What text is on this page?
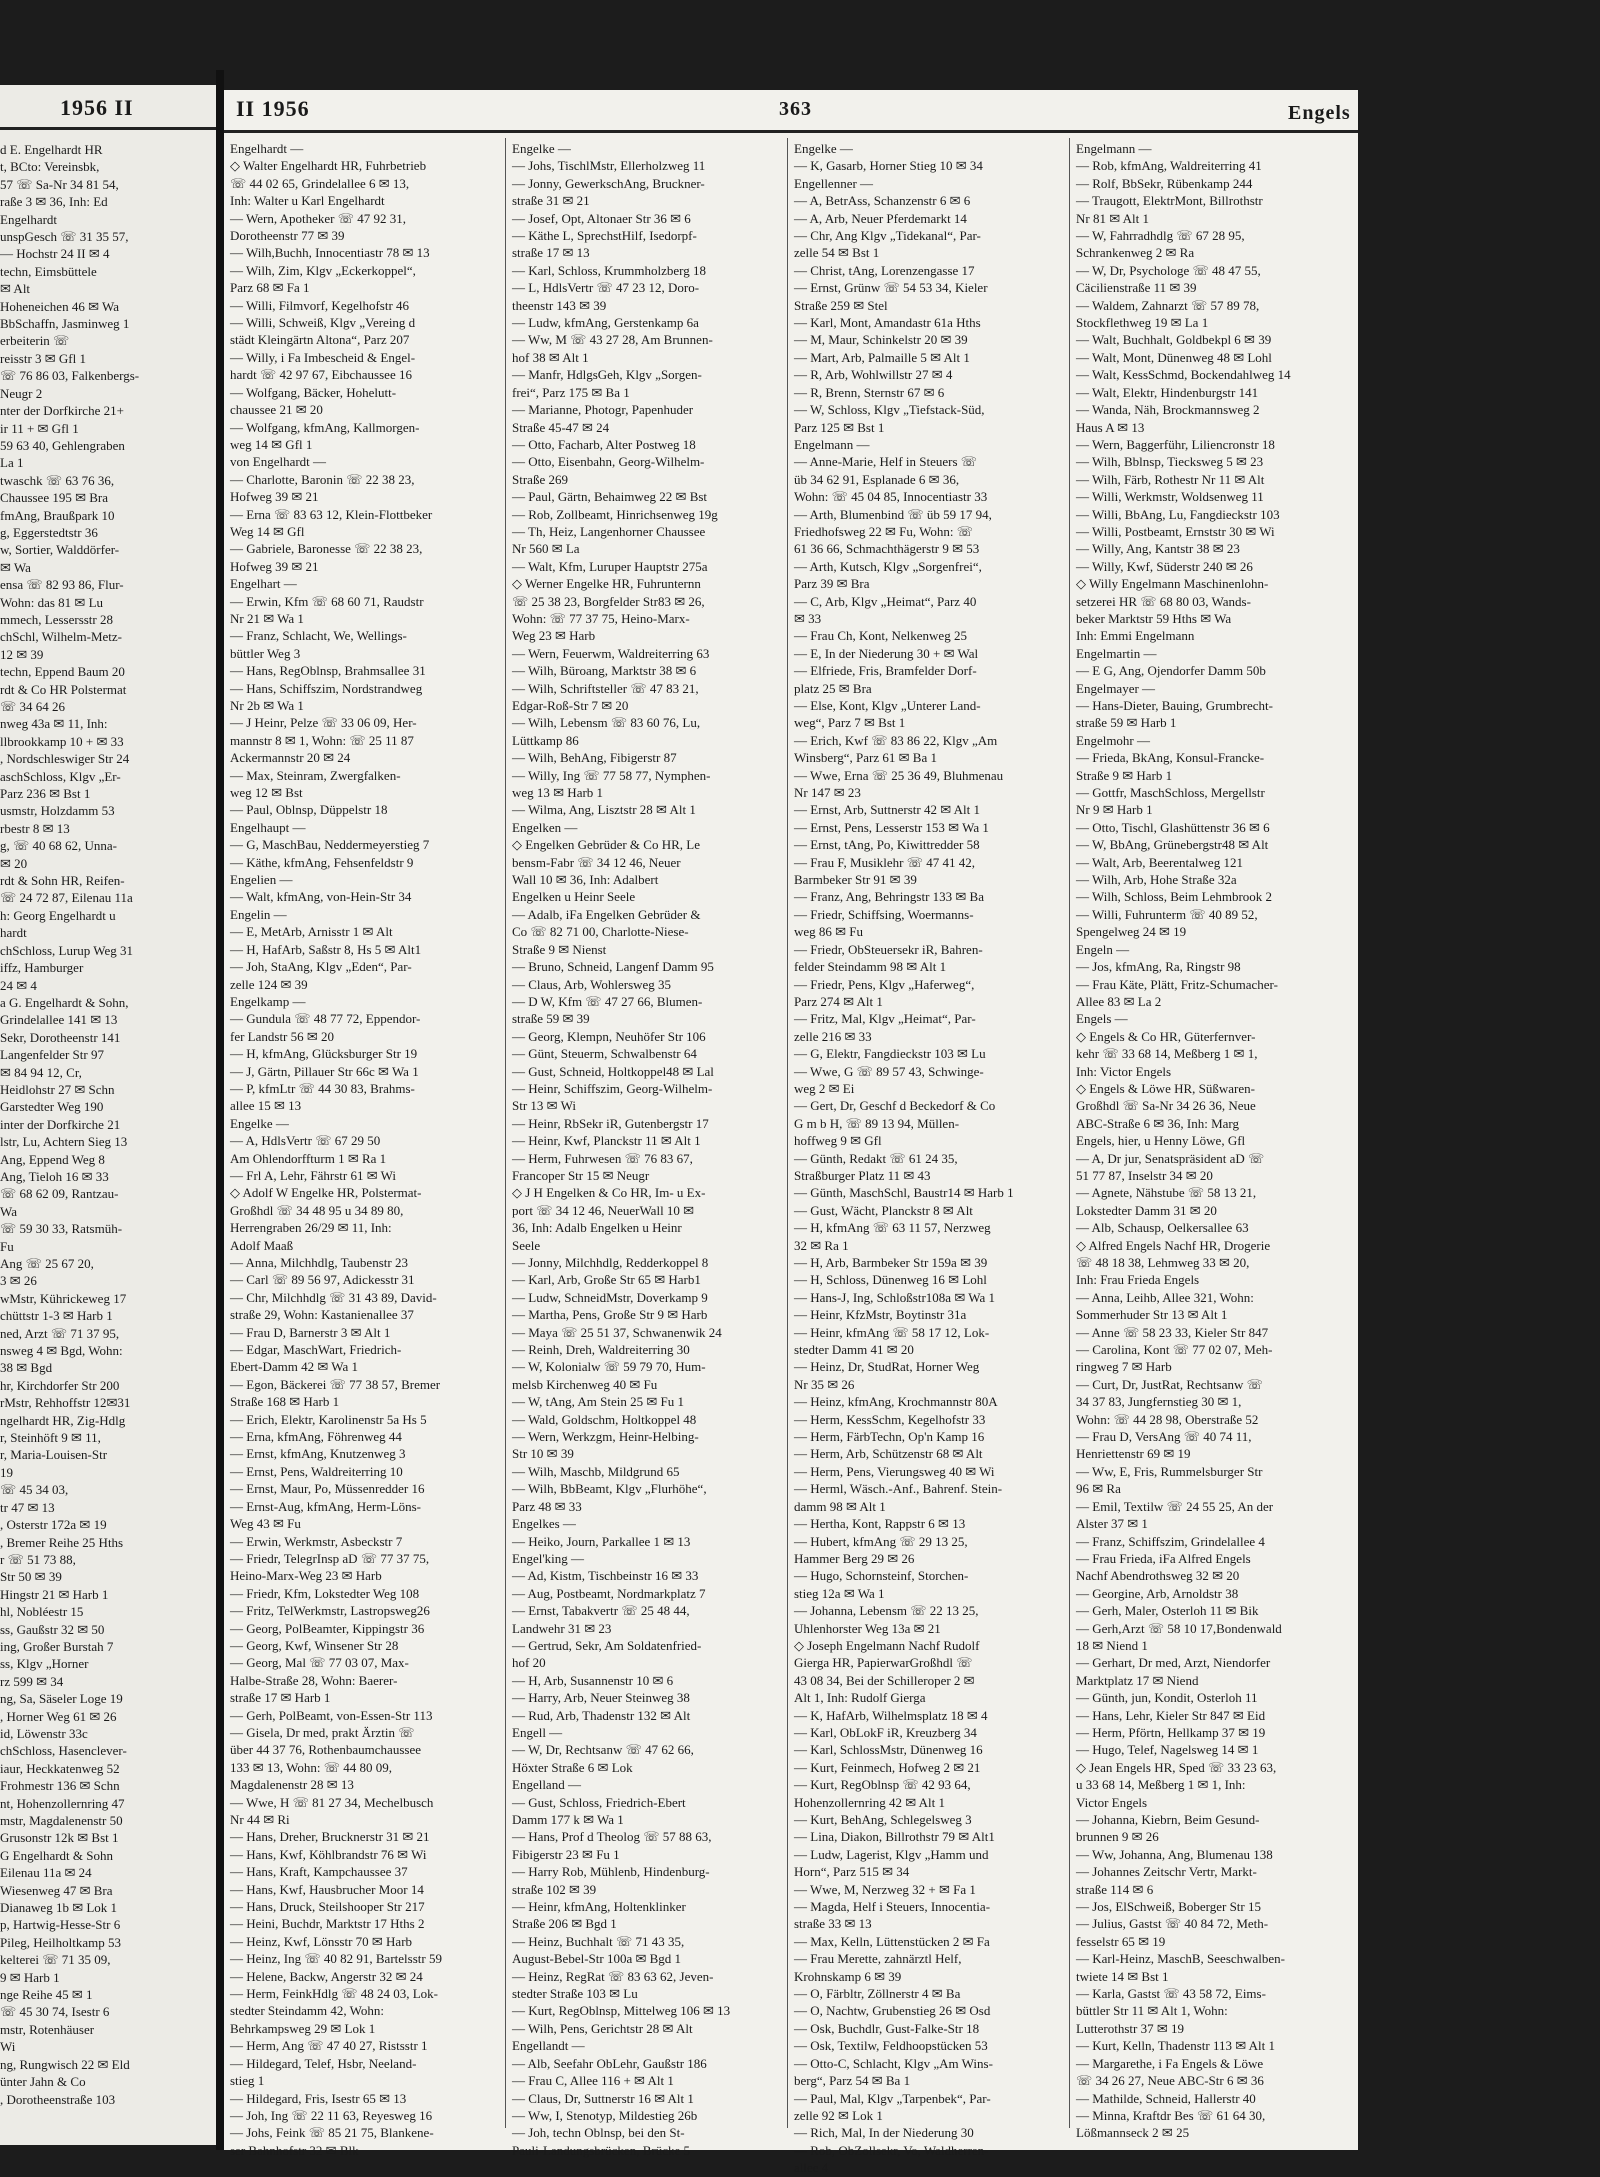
1956 II
d E. Engelhardt HR
t, BCto: Vereinsbk,
57 ☏ Sa-Nr 34 81 54,
raße 3 ✉ 36, Inh: Ed
Engelhardt
unspGesch ☏ 31 35 57,
— Hochstr 24 II ✉ 4
techn, Eimsbüttele
✉ Alt
Hoheneichen 46 ✉ Wa
BbSchaffn, Jasminweg 1
erbeiterin ☏
reisstr 3 ✉ Gfl 1
☏ 76 86 03, Falkenbergs-
Neugr 2
nter der Dorfkirche 21+
ir 11 + ✉ Gfl 1
59 63 40, Gehlengraben
La 1
twaschk ☏ 63 76 36,
Chaussee 195 ✉ Bra
fmAng, Braußpark 10
g, Eggerstedtstr 36
w, Sortier, Walddörfer-
✉ Wa
ensa ☏ 82 93 86, Flur-
Wohn: das 81 ✉ Lu
mmech, Lessersstr 28
chSchl, Wilhelm-Metz-
12 ✉ 39
techn, Eppend Baum 20
rdt & Co HR Polstermat
☏ 34 64 26
nweg 43a ✉ 11, Inh:
llbrookkamp 10 + ✉ 33
, Nordschleswiger Str 24
aschSchloss, Klgv „Er-
Parz 236 ✉ Bst 1
usmstr, Holzdamm 53
rbestr 8 ✉ 13
g, ☏ 40 68 62, Unna-
✉ 20
rdt & Sohn HR, Reifen-
☏ 24 72 87, Eilenau 11a
h: Georg Engelhardt u
hardt
chSchloss, Lurup Weg 31
iffz, Hamburger
24 ✉ 4
a G. Engelhardt & Sohn,
Grindelallee 141 ✉ 13
Sekr, Dorotheenstr 141
Langenfelder Str 97
✉ 84 94 12, Cr,
Heidlohstr 27 ✉ Schn
Garstedter Weg 190
inter der Dorfkirche 21
lstr, Lu, Achtern Sieg 13
Ang, Eppend Weg 8
Ang, Tieloh 16 ✉ 33
☏ 68 62 09, Rantzau-
Wa
☏ 59 30 33, Ratsmüh-
Fu
Ang ☏ 25 67 20,
3 ✉ 26
wMstr, Kührickeweg 17
chüttstr 1-3 ✉ Harb 1
ned, Arzt ☏ 71 37 95,
nsweg 4 ✉ Bgd, Wohn:
38 ✉ Bgd
hr, Kirchdorfer Str 200
rMstr, Rehhoffstr 12✉31
ngelhardt HR, Zig-Hdlg
r, Steinhöft 9 ✉ 11,
r, Maria-Louisen-Str
19
☏ 45 34 03,
tr 47 ✉ 13
, Osterstr 172a ✉ 19
, Bremer Reihe 25 Hths
r ☏ 51 73 88,
Str 50 ✉ 39
Hingstr 21 ✉ Harb 1
hl, Nobléestr 15
ss, Gaußstr 32 ✉ 50
ing, Großer Burstah 7
ss, Klgv „Horner
rz 599 ✉ 34
ng, Sa, Säseler Loge 19
, Horner Weg 61 ✉ 26
id, Löwenstr 33c
chSchloss, Hasenclever-
iaur, Heckkatenweg 52
Frohmestr 136 ✉ Schn
nt, Hohenzollernring 47
mstr, Magdalenenstr 50
Grusonstr 12k ✉ Bst 1
G Engelhardt & Sohn
Eilenau 11a ✉ 24
Wiesenweg 47 ✉ Bra
Dianaweg 1b ✉ Lok 1
p, Hartwig-Hesse-Str 6
Pileg, Heilholtkamp 53
kelterei ☏ 71 35 09,
9 ✉ Harb 1
nge Reihe 45 ✉ 1
☏ 45 30 74, Isestr 6
mstr, Rotenhäuser
Wi
ng, Rungwisch 22 ✉ Eld
ünter Jahn & Co
, Dorotheenstraße 103
II 1956	363	Engels
Engelhardt —
◇ Walter Engelhardt HR, Fuhrbetrieb
☏ 44 02 65, Grindelallee 6 ✉ 13,
Inh: Walter u Karl Engelhardt
— Wern, Apotheker ☏ 47 92 31,
Dorotheenstr 77 ✉ 39
— Wilh,Buchh, Innocentiastr 78 ✉ 13
— Wilh, Zim, Klgv „Eckerkoppel“,
Parz 68 ✉ Fa 1
— Willi, Filmvorf, Kegelhofstr 46
— Willi, Schweiß, Klgv „Vereing d
städt Kleingärtn Altona“, Parz 207
— Willy, i Fa Imbescheid & Engel-
hardt ☏ 42 97 67, Eibchaussee 16
— Wolfgang, Bäcker, Hohelutt-
chaussee 21 ✉ 20
— Wolfgang, kfmAng, Kallmorgen-
weg 14 ✉ Gfl 1
von Engelhardt —
— Charlotte, Baronin ☏ 22 38 23,
Hofweg 39 ✉ 21
— Erna ☏ 83 63 12, Klein-Flottbeker
Weg 14 ✉ Gfl
— Gabriele, Baronesse ☏ 22 38 23,
Hofweg 39 ✉ 21
Engelhart —
— Erwin, Kfm ☏ 68 60 71, Raudstr
Nr 21 ✉ Wa 1
— Franz, Schlacht, We, Wellings-
büttler Weg 3
— Hans, RegOblnsp, Brahmsallee 31
— Hans, Schiffszim, Nordstrandweg
Nr 2b ✉ Wa 1
— J Heinr, Pelze ☏ 33 06 09, Her-
mannstr 8 ✉ 1, Wohn: ☏ 25 11 87
Ackermannstr 20 ✉ 24
— Max, Steinram, Zwergfalken-
weg 12 ✉ Bst
— Paul, Oblnsp, Düppelstr 18
Engelhaupt —
— G, MaschBau, Neddermeyerstieg 7
— Käthe, kfmAng, Fehsenfeldstr 9
Engelien —
— Walt, kfmAng, von-Hein-Str 34
Engelin —
— E, MetArb, Arnisstr 1 ✉ Alt
— H, HafArb, Saßstr 8, Hs 5 ✉ Alt1
— Joh, StaAng, Klgv „Eden“, Par-
zelle 124 ✉ 39
Engelkamp —
— Gundula ☏ 48 77 72, Eppendor-
fer Landstr 56 ✉ 20
— H, kfmAng, Glücksburger Str 19
— J, Gärtn, Pillauer Str 66c ✉ Wa 1
— P, kfmLtr ☏ 44 30 83, Brahms-
allee 15 ✉ 13
Engelke —
— A, HdlsVertr ☏ 67 29 50
Am Ohlendorffturm 1 ✉ Ra 1
— Frl A, Lehr, Fährstr 61 ✉ Wi
◇ Adolf W Engelke HR, Polstermat-
Großhdl ☏ 34 48 95 u 34 89 80,
Herrengraben 26/29 ✉ 11, Inh:
Adolf Maaß
— Anna, Milchhdlg, Taubenstr 23
— Carl ☏ 89 56 97, Adickesstr 31
— Chr, Milchhdlg ☏ 31 43 89, David-
straße 29, Wohn: Kastanienallee 37
— Frau D, Barnerstr 3 ✉ Alt 1
— Edgar, MaschWart, Friedrich-
Ebert-Damm 42 ✉ Wa 1
— Egon, Bäckerei ☏ 77 38 57, Bremer
Straße 168 ✉ Harb 1
— Erich, Elektr, Karolinenstr 5a Hs 5
— Erna, kfmAng, Föhrenweg 44
— Ernst, kfmAng, Knutzenweg 3
— Ernst, Pens, Waldreiterring 10
— Ernst, Maur, Po, Müssenredder 16
— Ernst-Aug, kfmAng, Herm-Löns-
Weg 43 ✉ Fu
— Erwin, Werkmstr, Asbeckstr 7
— Friedr, TelegrInsp aD ☏ 77 37 75,
Heino-Marx-Weg 23 ✉ Harb
— Friedr, Kfm, Lokstedter Weg 108
— Fritz, TelWerkmstr, Lastropsweg26
— Georg, PolBeamter, Kippingstr 36
— Georg, Kwf, Winsener Str 28
— Georg, Mal ☏ 77 03 07, Max-
Halbe-Straße 28, Wohn: Baerer-
straße 17 ✉ Harb 1
— Gerh, PolBeamt, von-Essen-Str 113
— Gisela, Dr med, prakt Ärztin ☏
über 44 37 76, Rothenbaumchaussee
133 ✉ 13, Wohn: ☏ 44 80 09,
Magdalenenstr 28 ✉ 13
— Wwe, H ☏ 81 27 34, Mechelbusch
Nr 44 ✉ Ri
— Hans, Dreher, Brucknerstr 31 ✉ 21
— Hans, Kwf, Köhlbrandstr 76 ✉ Wi
— Hans, Kraft, Kampchaussee 37
— Hans, Kwf, Hausbrucher Moor 14
— Hans, Druck, Steilshooper Str 217
— Heini, Buchdr, Marktstr 17 Hths 2
— Heinz, Kwf, Lönsstr 70 ✉ Harb
— Heinz, Ing ☏ 40 82 91, Bartelsstr 59
— Helene, Backw, Angerstr 32 ✉ 24
— Herm, FeinkHdlg ☏ 48 24 03, Lok-
stedter Steindamm 42, Wohn:
Behrkampsweg 29 ✉ Lok 1
— Herm, Ang ☏ 47 40 27, Ristsstr 1
— Hildegard, Telef, Hsbr, Neeland-
stieg 1
— Hildegard, Fris, Isestr 65 ✉ 13
— Joh, Ing ☏ 22 11 63, Reyesweg 16
— Johs, Feink ☏ 85 21 75, Blankene-
ser Bahnhofstr 32 ✉ Blk
Engelke —
— Johs, TischlMstr, Ellerholzweg 11
— Jonny, GewerkschAng, Bruckner-
straße 31 ✉ 21
— Josef, Opt, Altonaer Str 36 ✉ 6
— Käthe L, SprechstHilf, Isedorpf-
straße 17 ✉ 13
— Karl, Schloss, Krummholzberg 18
— L, HdlsVertr ☏ 47 23 12, Doro-
theenstr 143 ✉ 39
— Ludw, kfmAng, Gerstenkamp 6a
— Ww, M ☏ 43 27 28, Am Brunnen-
hof 38 ✉ Alt 1
— Manfr, HdlgsGeh, Klgv „Sorgen-
frei“, Parz 175 ✉ Ba 1
— Marianne, Photogr, Papenhuder
Straße 45-47 ✉ 24
— Otto, Facharb, Alter Postweg 18
— Otto, Eisenbahn, Georg-Wilhelm-
Straße 269
— Paul, Gärtn, Behaimweg 22 ✉ Bst
— Rob, Zollbeamt, Hinrichsenweg 19g
— Th, Heiz, Langenhorner Chaussee
Nr 560 ✉ La
— Walt, Kfm, Luruper Hauptstr 275a
◇ Werner Engelke HR, Fuhrunternn
☏ 25 38 23, Borgfelder Str83 ✉ 26,
Wohn: ☏ 77 37 75, Heino-Marx-
Weg 23 ✉ Harb
— Wern, Feuerwm, Waldreiterring 63
— Wilh, Büroang, Marktstr 38 ✉ 6
— Wilh, Schriftsteller ☏ 47 83 21,
Edgar-Roß-Str 7 ✉ 20
— Wilh, Lebensm ☏ 83 60 76, Lu,
Lüttkamp 86
— Wilh, BehAng, Fibigerstr 87
— Willy, Ing ☏ 77 58 77, Nymphen-
weg 13 ✉ Harb 1
— Wilma, Ang, Lisztstr 28 ✉ Alt 1
Engelken —
◇ Engelken Gebrüder & Co HR, Le
bensm-Fabr ☏ 34 12 46, Neuer
Wall 10 ✉ 36, Inh: Adalbert
Engelken u Heinr Seele
— Adalb, iFa Engelken Gebrüder &
Co ☏ 82 71 00, Charlotte-Niese-
Straße 9 ✉ Nienst
— Bruno, Schneid, Langenf Damm 95
— Claus, Arb, Wohlersweg 35
— D W, Kfm ☏ 47 27 66, Blumen-
straße 59 ✉ 39
— Georg, Klempn, Neuhöfer Str 106
— Günt, Steuerm, Schwalbenstr 64
— Gust, Schneid, Holtkoppel48 ✉ Lal
— Heinr, Schiffszim, Georg-Wilhelm-
Str 13 ✉ Wi
— Heinr, RbSekr iR, Gutenbergstr 17
— Heinr, Kwf, Planckstr 11 ✉ Alt 1
— Herm, Fuhrwesen ☏ 76 83 67,
Francoper Str 15 ✉ Neugr
◇ J H Engelken & Co HR, Im- u Ex-
port ☏ 34 12 46, NeuerWall 10 ✉
36, Inh: Adalb Engelken u Heinr
Seele
— Jonny, Milchhdlg, Redderkoppel 8
— Karl, Arb, Große Str 65 ✉ Harb1
— Ludw, SchneidMstr, Doverkamp 9
— Martha, Pens, Große Str 9 ✉ Harb
— Maya ☏ 25 51 37, Schwanenwik 24
— Reinh, Dreh, Waldreiterring 30
— W, Kolonialw ☏ 59 79 70, Hum-
melsb Kirchenweg 40 ✉ Fu
— W, tAng, Am Stein 25 ✉ Fu 1
— Wald, Goldschm, Holtkoppel 48
— Wern, Werkzgm, Heinr-Helbing-
Str 10 ✉ 39
— Wilh, Maschb, Mildgrund 65
— Wilh, BbBeamt, Klgv „Flurhöhe“,
Parz 48 ✉ 33
Engelkes —
— Heiko, Journ, Parkallee 1 ✉ 13
Engel'king —
— Ad, Kistm, Tischbeinstr 16 ✉ 33
— Aug, Postbeamt, Nordmarkplatz 7
— Ernst, Tabakvertr ☏ 25 48 44,
Landwehr 31 ✉ 23
— Gertrud, Sekr, Am Soldatenfried-
hof 20
— H, Arb, Susannenstr 10 ✉ 6
— Harry, Arb, Neuer Steinweg 38
— Rud, Arb, Thadenstr 132 ✉ Alt
Engell —
— W, Dr, Rechtsanw ☏ 47 62 66,
Höxter Straße 6 ✉ Lok
Engelland —
— Gust, Schloss, Friedrich-Ebert
Damm 177 k ✉ Wa 1
— Hans, Prof d Theolog ☏ 57 88 63,
Fibigerstr 23 ✉ Fu 1
— Harry Rob, Mühlenb, Hindenburg-
straße 102 ✉ 39
— Heinr, kfmAng, Holtenklinker
Straße 206 ✉ Bgd 1
— Heinz, Buchhalt ☏ 71 43 35,
August-Bebel-Str 100a ✉ Bgd 1
— Heinz, RegRat ☏ 83 63 62, Jeven-
stedter Straße 103 ✉ Lu
— Kurt, RegOblnsp, Mittelweg 106 ✉ 13
— Wilh, Pens, Gerichtstr 28 ✉ Alt
Engellandt —
— Alb, Seefahr ObLehr, Gaußstr 186
— Frau C, Allee 116 + ✉ Alt 1
— Claus, Dr, Suttnerstr 16 ✉ Alt 1
— Ww, I, Stenotyp, Mildestieg 26b
— Joh, techn Oblnsp, bei den St-
Pauli-Landungsbrücken, Brücke 5
Engelke —
— K, Gasarb, Horner Stieg 10 ✉ 34
Engellenner —
— A, BetrAss, Schanzenstr 6 ✉ 6
— A, Arb, Neuer Pferdemarkt 14
— Chr, Ang Klgv „Tidekanal“, Par-
zelle 54 ✉ Bst 1
— Christ, tAng, Lorenzengasse 17
— Ernst, Grünw ☏ 54 53 34, Kieler
Straße 259 ✉ Stel
— Karl, Mont, Amandastr 61a Hths
— M, Maur, Schinkelstr 20 ✉ 39
— Mart, Arb, Palmaille 5 ✉ Alt 1
— R, Arb, Wohlwillstr 27 ✉ 4
— R, Brenn, Sternstr 67 ✉ 6
— W, Schloss, Klgv „Tiefstack-Süd,
Parz 125 ✉ Bst 1
Engelmann —
— Anne-Marie, Helf in Steuers ☏
üb 34 62 91, Esplanade 6 ✉ 36,
Wohn: ☏ 45 04 85, Innocentiastr 33
— Arth, Blumenbind ☏ üb 59 17 94,
Friedhofsweg 22 ✉ Fu, Wohn: ☏
61 36 66, Schmachthägerstr 9 ✉ 53
— Arth, Kutsch, Klgv „Sorgenfrei“,
Parz 39 ✉ Bra
— C, Arb, Klgv „Heimat“, Parz 40
✉ 33
— Frau Ch, Kont, Nelkenweg 25
— E, In der Niederung 30 + ✉ Wal
— Elfriede, Fris, Bramfelder Dorf-
platz 25 ✉ Bra
— Else, Kont, Klgv „Unterer Land-
weg“, Parz 7 ✉ Bst 1
— Erich, Kwf ☏ 83 86 22, Klgv „Am
Winsberg“, Parz 61 ✉ Ba 1
— Wwe, Erna ☏ 25 36 49, Bluhmenau
Nr 147 ✉ 23
— Ernst, Arb, Suttnerstr 42 ✉ Alt 1
— Ernst, Pens, Lesserstr 153 ✉ Wa 1
— Ernst, tAng, Po, Kiwittredder 58
— Frau F, Musiklehr ☏ 47 41 42,
Barmbeker Str 91 ✉ 39
— Franz, Ang, Behringstr 133 ✉ Ba
— Friedr, Schiffsing, Woermanns-
weg 86 ✉ Fu
— Friedr, ObSteuersekr iR, Bahren-
felder Steindamm 98 ✉ Alt 1
— Friedr, Pens, Klgv „Haferweg“,
Parz 274 ✉ Alt 1
— Fritz, Mal, Klgv „Heimat“, Par-
zelle 216 ✉ 33
— G, Elektr, Fangdieckstr 103 ✉ Lu
— Wwe, G ☏ 89 57 43, Schwinge-
weg 2 ✉ Ei
— Gert, Dr, Geschf d Beckedorf & Co
G m b H, ☏ 89 13 94, Müllen-
hoffweg 9 ✉ Gfl
— Günth, Redakt ☏ 61 24 35,
Straßburger Platz 11 ✉ 43
— Günth, MaschSchl, Baustr14 ✉ Harb 1
— Gust, Wächt, Planckstr 8 ✉ Alt
— H, kfmAng ☏ 63 11 57, Nerzweg
32 ✉ Ra 1
— H, Arb, Barmbeker Str 159a ✉ 39
— H, Schloss, Dünenweg 16 ✉ Lohl
— Hans-J, Ing, Schloßstr108a ✉ Wa 1
— Heinr, KfzMstr, Boytinstr 31a
— Heinr, kfmAng ☏ 58 17 12, Lok-
stedter Damm 41 ✉ 20
— Heinz, Dr, StudRat, Horner Weg
Nr 35 ✉ 26
— Heinz, kfmAng, Krochmannstr 80A
— Herm, KessSchm, Kegelhofstr 33
— Herm, FärbTechn, Op'n Kamp 16
— Herm, Arb, Schützenstr 68 ✉ Alt
— Herm, Pens, Vierungsweg 40 ✉ Wi
— Herml, Wäsch.-Anf., Bahrenf. Stein-
damm 98 ✉ Alt 1
— Hertha, Kont, Rappstr 6 ✉ 13
— Hubert, kfmAng ☏ 29 13 25,
Hammer Berg 29 ✉ 26
— Hugo, Schornsteinf, Storchen-
stieg 12a ✉ Wa 1
— Johanna, Lebensm ☏ 22 13 25,
Uhlenhorster Weg 13a ✉ 21
◇ Joseph Engelmann Nachf Rudolf
Gierga HR, PapierwarGroßhdl ☏
43 08 34, Bei der Schilleroper 2 ✉
Alt 1, Inh: Rudolf Gierga
— K, HafArb, Wilhelmsplatz 18 ✉ 4
— Karl, ObLokF iR, Kreuzberg 34
— Karl, SchlossMstr, Dünenweg 16
— Kurt, Feinmech, Hofweg 2 ✉ 21
— Kurt, RegOblnsp ☏ 42 93 64,
Hohenzollernring 42 ✉ Alt 1
— Kurt, BehAng, Schlegelsweg 3
— Lina, Diakon, Billrothstr 79 ✉ Alt1
— Ludw, Lagerist, Klgv „Hamm und
Horn“, Parz 515 ✉ 34
— Wwe, M, Nerzweg 32 + ✉ Fa 1
— Magda, Helf i Steuers, Innocentia-
straße 33 ✉ 13
— Max, Kelln, Lüttenstücken 2 ✉ Fa
— Frau Merette, zahnärztl Helf,
Krohnskamp 6 ✉ 39
— O, Färbltr, Zöllnerstr 4 ✉ Ba
— O, Nachtw, Grubenstieg 26 ✉ Osd
— Osk, Buchdlr, Gust-Falke-Str 18
— Osk, Textilw, Feldhoopstücken 53
— Otto-C, Schlacht, Klgv „Am Wins-
berg“, Parz 54 ✉ Ba 1
— Paul, Mal, Klgv „Tarpenbek“, Par-
zelle 92 ✉ Lok 1
— Rich, Mal, In der Niederung 30
— Rob, ObZollsekr, Vo, Waldherren-
allee 4
Engelmann —
— Rob, kfmAng, Waldreiterring 41
— Rolf, BbSekr, Rübenkamp 244
— Traugott, ElektrMont, Billrothstr
Nr 81 ✉ Alt 1
— W, Fahrradhdlg ☏ 67 28 95,
Schrankenweg 2 ✉ Ra
— W, Dr, Psychologe ☏ 48 47 55,
Cäcilienstraße 11 ✉ 39
— Waldem, Zahnarzt ☏ 57 89 78,
Stockflethweg 19 ✉ La 1
— Walt, Buchhalt, Goldbekpl 6 ✉ 39
— Walt, Mont, Dünenweg 48 ✉ Lohl
— Walt, KessSchmd, Bockendahlweg 14
— Walt, Elektr, Hindenburgstr 141
— Wanda, Näh, Brockmannsweg 2
Haus A ✉ 13
— Wern, Baggerführ, Liliencronstr 18
— Wilh, Bblnsp, Tiecksweg 5 ✉ 23
— Wilh, Färb, Rothestr Nr 11 ✉ Alt
— Willi, Werkmstr, Woldsenweg 11
— Willi, BbAng, Lu, Fangdieckstr 103
— Willi, Postbeamt, Ernststr 30 ✉ Wi
— Willy, Ang, Kantstr 38 ✉ 23
— Willy, Kwf, Süderstr 240 ✉ 26
◇ Willy Engelmann Maschinenlohn-
setzerei HR ☏ 68 80 03, Wands-
beker Marktstr 59 Hths ✉ Wa
Inh: Emmi Engelmann
Engelmartin —
— E G, Ang, Ojendorfer Damm 50b
Engelmayer —
— Hans-Dieter, Bauing, Grumbrecht-
straße 59 ✉ Harb 1
Engelmohr —
— Frieda, BkAng, Konsul-Francke-
Straße 9 ✉ Harb 1
— Gottfr, MaschSchloss, Mergellstr
Nr 9 ✉ Harb 1
— Otto, Tischl, Glashüttenstr 36 ✉ 6
— W, BbAng, Grünebergstr48 ✉ Alt
— Walt, Arb, Beerentalweg 121
— Wilh, Arb, Hohe Straße 32a
— Wilh, Schloss, Beim Lehmbrook 2
— Willi, Fuhrunterm ☏ 40 89 52,
Spengelweg 24 ✉ 19
Engeln —
— Jos, kfmAng, Ra, Ringstr 98
— Frau Käte, Plätt, Fritz-Schumacher-
Allee 83 ✉ La 2
Engels —
◇ Engels & Co HR, Güterfernver-
kehr ☏ 33 68 14, Meßberg 1 ✉ 1,
Inh: Victor Engels
◇ Engels & Löwe HR, Süßwaren-
Großhdl ☏ Sa-Nr 34 26 36, Neue
ABC-Straße 6 ✉ 36, Inh: Marg
Engels, hier, u Henny Löwe, Gfl
— A, Dr jur, Senatspräsident aD ☏
51 77 87, Inselstr 34 ✉ 20
— Agnete, Nähstube ☏ 58 13 21,
Lokstedter Damm 31 ✉ 20
— Alb, Schausp, Oelkersallee 63
◇ Alfred Engels Nachf HR, Drogerie
☏ 48 18 38, Lehmweg 33 ✉ 20,
Inh: Frau Frieda Engels
— Anna, Leihb, Allee 321, Wohn:
Sommerhuder Str 13 ✉ Alt 1
— Anne ☏ 58 23 33, Kieler Str 847
— Carolina, Kont ☏ 77 02 07, Meh-
ringweg 7 ✉ Harb
— Curt, Dr, JustRat, Rechtsanw ☏
34 37 83, Jungfernstieg 30 ✉ 1,
Wohn: ☏ 44 28 98, Oberstraße 52
— Frau D, VersAng ☏ 40 74 11,
Henriettenstr 69 ✉ 19
— Ww, E, Fris, Rummelsburger Str
96 ✉ Ra
— Emil, Textilw ☏ 24 55 25, An der
Alster 37 ✉ 1
— Franz, Schiffszim, Grindelallee 4
— Frau Frieda, iFa Alfred Engels
Nachf Abendrothsweg 32 ✉ 20
— Georgine, Arb, Arnoldstr 38
— Gerh, Maler, Osterloh 11 ✉ Bik
— Gerh,Arzt ☏ 58 10 17,Bondenwald
18 ✉ Niend 1
— Gerhart, Dr med, Arzt, Niendorfer
Marktplatz 17 ✉ Niend
— Günth, jun, Kondit, Osterloh 11
— Hans, Lehr, Kieler Str 847 ✉ Eid
— Herm, Pförtn, Hellkamp 37 ✉ 19
— Hugo, Telef, Nagelsweg 14 ✉ 1
◇ Jean Engels HR, Sped ☏ 33 23 63,
u 33 68 14, Meßberg 1 ✉ 1, Inh:
Victor Engels
— Johanna, Kiebrn, Beim Gesund-
brunnen 9 ✉ 26
— Ww, Johanna, Ang, Blumenau 138
— Johannes Zeitschr Vertr, Markt-
straße 114 ✉ 6
— Jos, ElSchweiß, Boberger Str 15
— Julius, Gastst ☏ 40 84 72, Meth-
fesselstr 65 ✉ 19
— Karl-Heinz, MaschB, Seeschwalben-
twiete 14 ✉ Bst 1
— Karla, Gastst ☏ 43 58 72, Eims-
büttler Str 11 ✉ Alt 1, Wohn:
Lutterothstr 37 ✉ 19
— Kurt, Kelln, Thadenstr 113 ✉ Alt 1
— Margarethe, i Fa Engels & Löwe
☏ 34 26 27, Neue ABC-Str 6 ✉ 36
— Mathilde, Schneid, Hallerstr 40
— Minna, Kraftdr Bes ☏ 61 64 30,
Lößmannseck 2 ✉ 25
